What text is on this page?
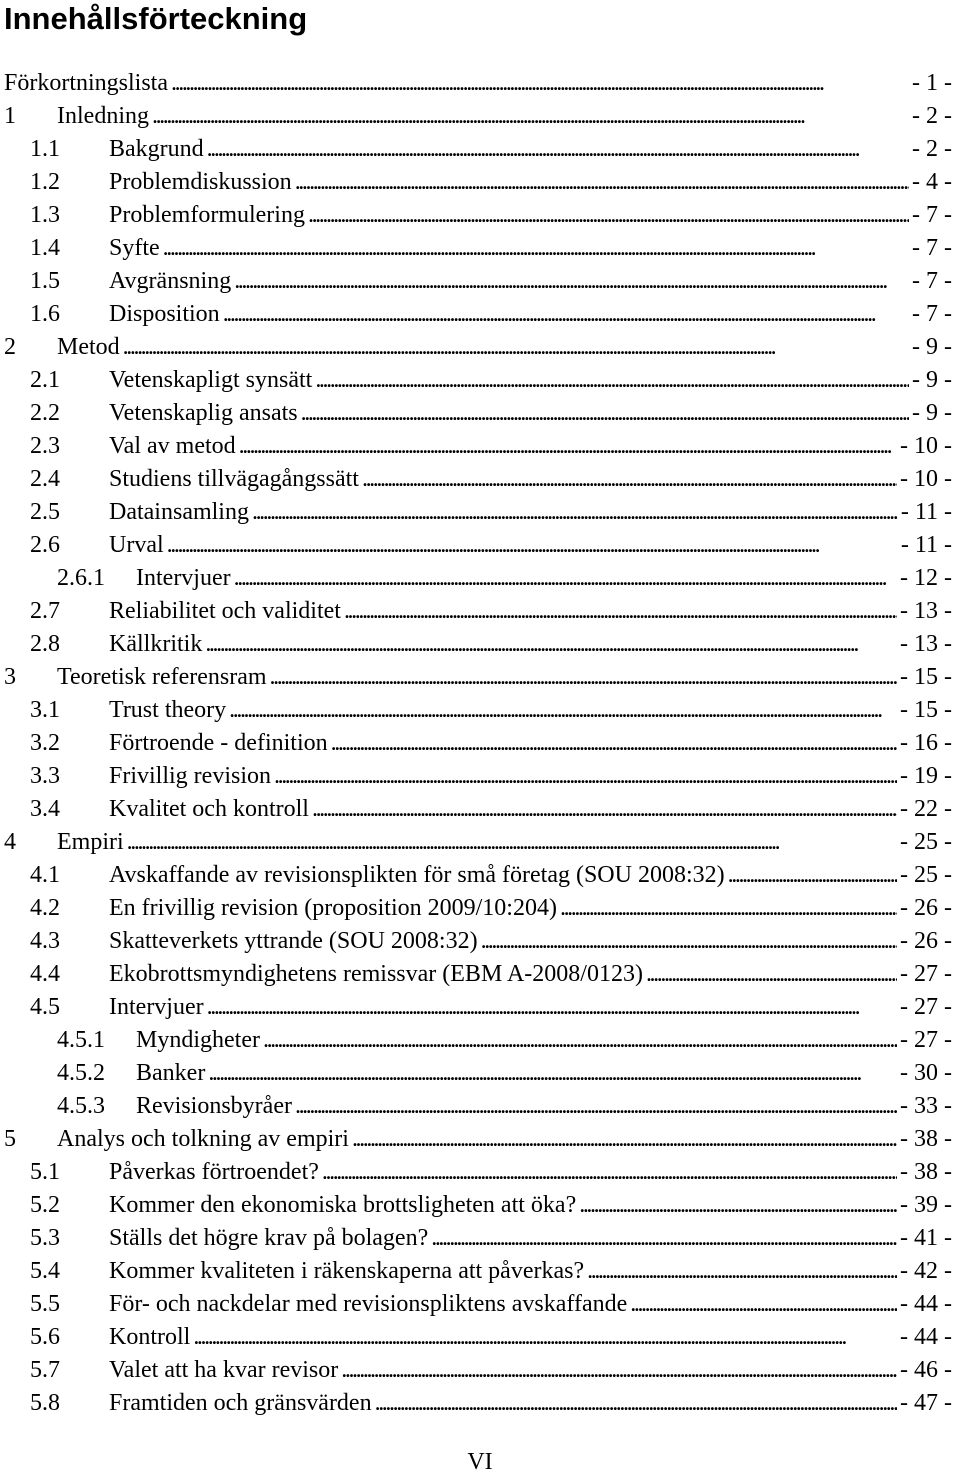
Innehållsförteckning
Förkortningslista . . .	- 1 -
1 Inledning . . .	- 2 -
1.1 Bakgrund . . .	- 2 -
1.2 Problemdiskussion . . .	- 4 -
1.3 Problemformulering . . .	- 7 -
1.4 Syfte . . .	- 7 -
1.5 Avgränsning . . .	- 7 -
1.6 Disposition . . .	- 7 -
2 Metod . . .	- 9 -
2.1 Vetenskapligt synsätt . . .	- 9 -
2.2 Vetenskaplig ansats . . .	- 9 -
2.3 Val av metod . . .	- 10 -
2.4 Studiens tillvägagångssätt . . .	- 10 -
2.5 Datainsamling . . .	- 11 -
2.6 Urval . . .	- 11 -
2.6.1 Intervjuer . . .	- 12 -
2.7 Reliabilitet och validitet . . .	- 13 -
2.8 Källkritik . . .	- 13 -
3 Teoretisk referensram . . .	- 15 -
3.1 Trust theory . . .	- 15 -
3.2 Förtroende - definition . . .	- 16 -
3.3 Frivillig revision . . .	- 19 -
3.4 Kvalitet och kontroll . . .	- 22 -
4 Empiri . . .	- 25 -
4.1 Avskaffande av revisionsplikten för små företag (SOU 2008:32) . . .	- 25 -
4.2 En frivillig revision (proposition 2009/10:204) . . .	- 26 -
4.3 Skatteverkets yttrande (SOU 2008:32) . . .	- 26 -
4.4 Ekobrottsmyndighetens remissvar (EBM A-2008/0123) . . .	- 27 -
4.5 Intervjuer . . .	- 27 -
4.5.1 Myndigheter . . .	- 27 -
4.5.2 Banker . . .	- 30 -
4.5.3 Revisionsbyråer . . .	- 33 -
5 Analys och tolkning av empiri . . .	- 38 -
5.1 Påverkas förtroendet? . . .	- 38 -
5.2 Kommer den ekonomiska brottsligheten att öka? . . .	- 39 -
5.3 Ställs det högre krav på bolagen? . . .	- 41 -
5.4 Kommer kvaliteten i räkenskaperna att påverkas? . . .	- 42 -
5.5 För- och nackdelar med revisionspliktens avskaffande . . .	- 44 -
5.6 Kontroll . . .	- 44 -
5.7 Valet att ha kvar revisor . . .	- 46 -
5.8 Framtiden och gränsvärden . . .	- 47 -
VI
